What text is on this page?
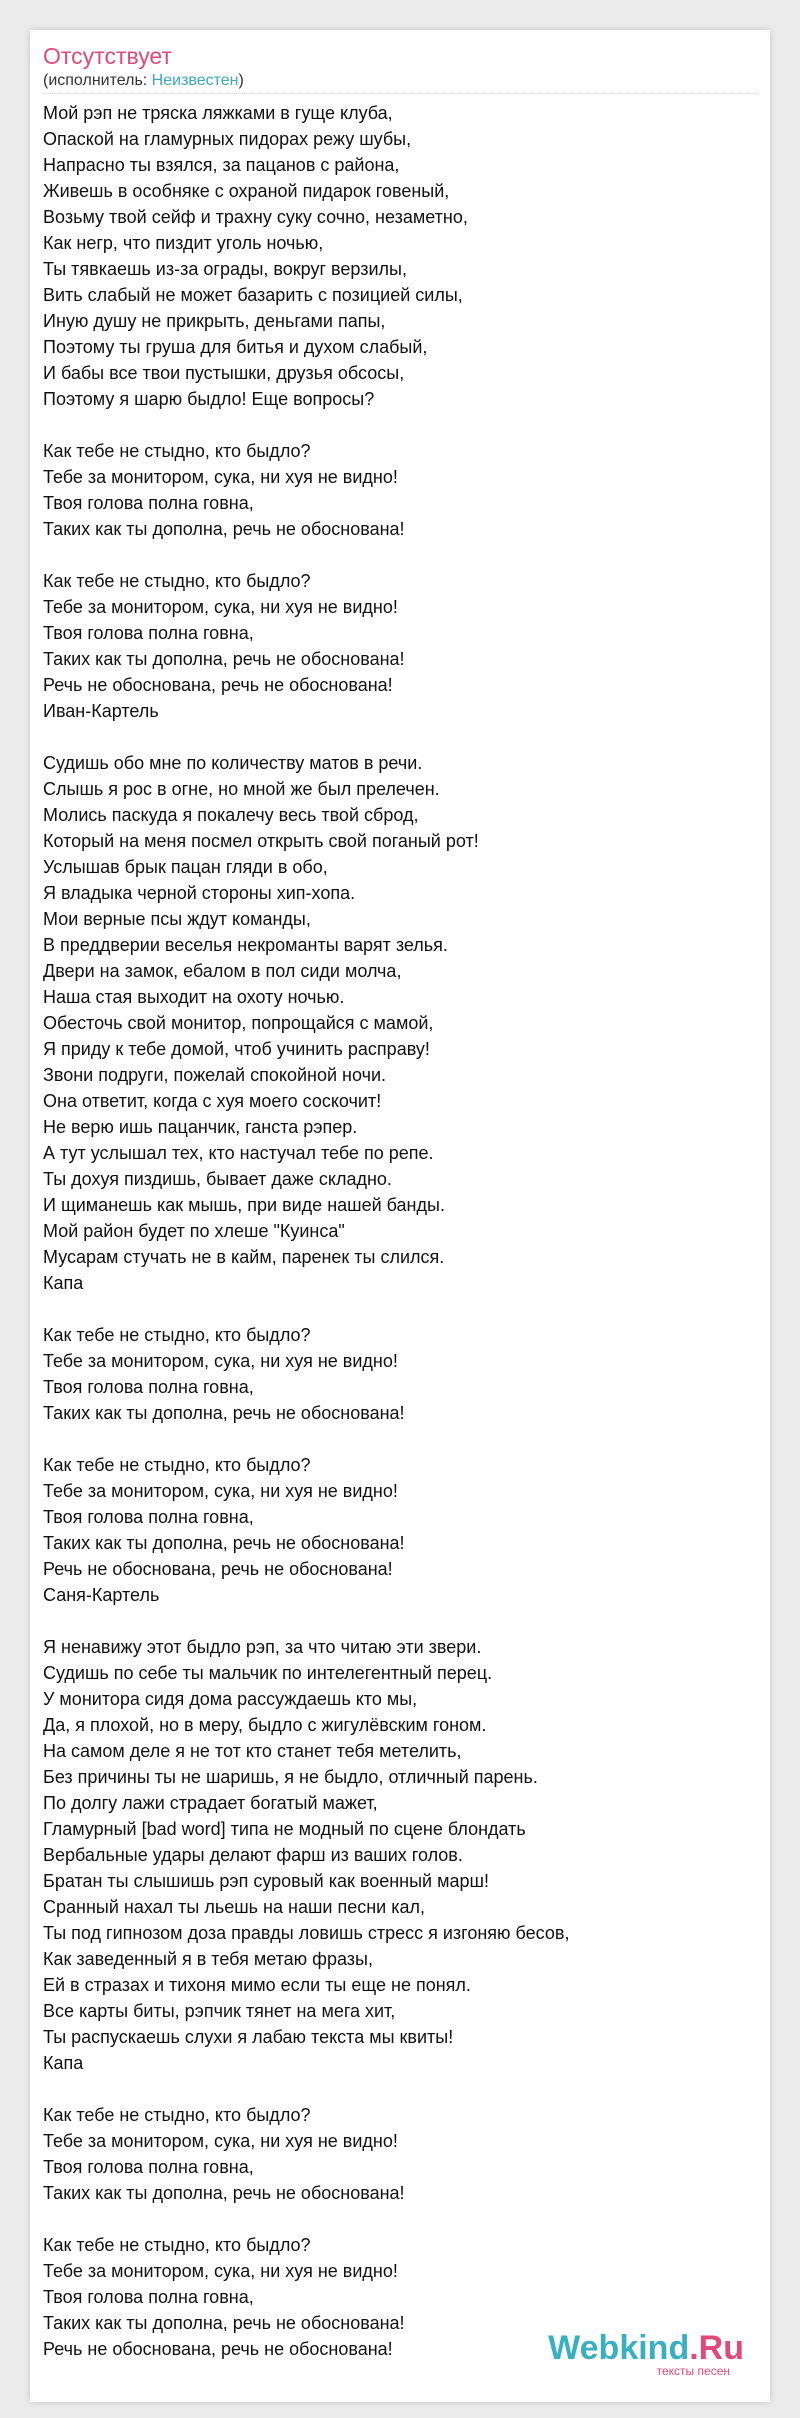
Отсутствует
(исполнитель: Неизвестен)
Мой рэп не тряска ляжками в гуще клуба,
Опаской на гламурных пидорах режу шубы,
Напрасно ты взялся, за пацанов с района,
Живешь в особняке с охраной пидарок говеный,
Возьму твой сейф и трахну суку сочно, незаметно,
Как негр, что пиздит уголь ночью,
Ты тявкаешь из-за ограды, вокруг верзилы,
Вить слабый не может базарить с позицией силы,
Иную душу не прикрыть, деньгами папы,
Поэтому ты груша для битья и духом слабый,
И бабы все твои пустышки, друзья обсосы,
Поэтому я шарю быдло! Еще вопросы?
Как тебе не стыдно, кто быдло?
Тебе за монитором, сука, ни хуя не видно!
Твоя голова полна говна,
Таких как ты дополна, речь не обоснована!
Как тебе не стыдно, кто быдло?
Тебе за монитором, сука, ни хуя не видно!
Твоя голова полна говна,
Таких как ты дополна, речь не обоснована!
Речь не обоснована, речь не обоснована!
Иван-Картель
Судишь обо мне по количеству матов в речи.
Слышь я рос в огне, но мной же был прелечен.
Молись паскуда я покалечу весь твой сброд,
Который на меня посмел открыть свой поганый рот!
Услышав брык пацан гляди в обо,
Я владыка черной стороны хип-хопа.
Мои верные псы ждут команды,
В преддверии веселья некроманты варят зелья.
Двери на замок, ебалом в пол сиди молча,
Наша стая выходит на охоту ночью.
Обесточь свой монитор, попрощайся с мамой,
Я приду к тебе домой, чтоб учинить расправу!
Звони подруги, пожелай спокойной ночи.
Она ответит, когда с хуя моего соскочит!
Не верю ишь пацанчик, ганста рэпер.
А тут услышал тех, кто настучал тебе по репе.
Ты дохуя пиздишь, бывает даже складно.
И щиманешь как мышь, при виде нашей банды.
Мой район будет по хлеше "Куинса"
Мусарам стучать не в кайм, паренек ты слился.
Капа
Как тебе не стыдно, кто быдло?
Тебе за монитором, сука, ни хуя не видно!
Твоя голова полна говна,
Таких как ты дополна, речь не обоснована!
Как тебе не стыдно, кто быдло?
Тебе за монитором, сука, ни хуя не видно!
Твоя голова полна говна,
Таких как ты дополна, речь не обоснована!
Речь не обоснована, речь не обоснована!
Саня-Картель
Я ненавижу этот быдло рэп, за что читаю эти звери.
Судишь по себе ты мальчик по интелегентный перец.
У монитора сидя дома рассуждаешь кто мы,
Да, я плохой, но в меру, быдло с жигулёвским гоном.
На самом деле я не тот кто станет тебя метелить,
Без причины ты не шаришь, я не быдло, отличный парень.
По долгу лажи страдает богатый мажет,
Гламурный [bad word] типа не модный по сцене блондать
Вербальные удары делают фарш из ваших голов.
Братан ты слышишь рэп суровый как военный марш!
Сранный нахал ты льешь на наши песни кал,
Ты под гипнозом доза правды ловишь стресс я изгоняю бесов,
Как заведенный я в тебя метаю фразы,
Ей в стразах и тихоня мимо если ты еще не понял.
Все карты биты, рэпчик тянет на мега хит,
Ты распускаешь слухи я лабаю текста мы квиты!
Капа
Как тебе не стыдно, кто быдло?
Тебе за монитором, сука, ни хуя не видно!
Твоя голова полна говна,
Таких как ты дополна, речь не обоснована!
Как тебе не стыдно, кто быдло?
Тебе за монитором, сука, ни хуя не видно!
Твоя голова полна говна,
Таких как ты дополна, речь не обоснована!
Речь не обоснована, речь не обоснована!	Webkind.Ru
тексты песен
